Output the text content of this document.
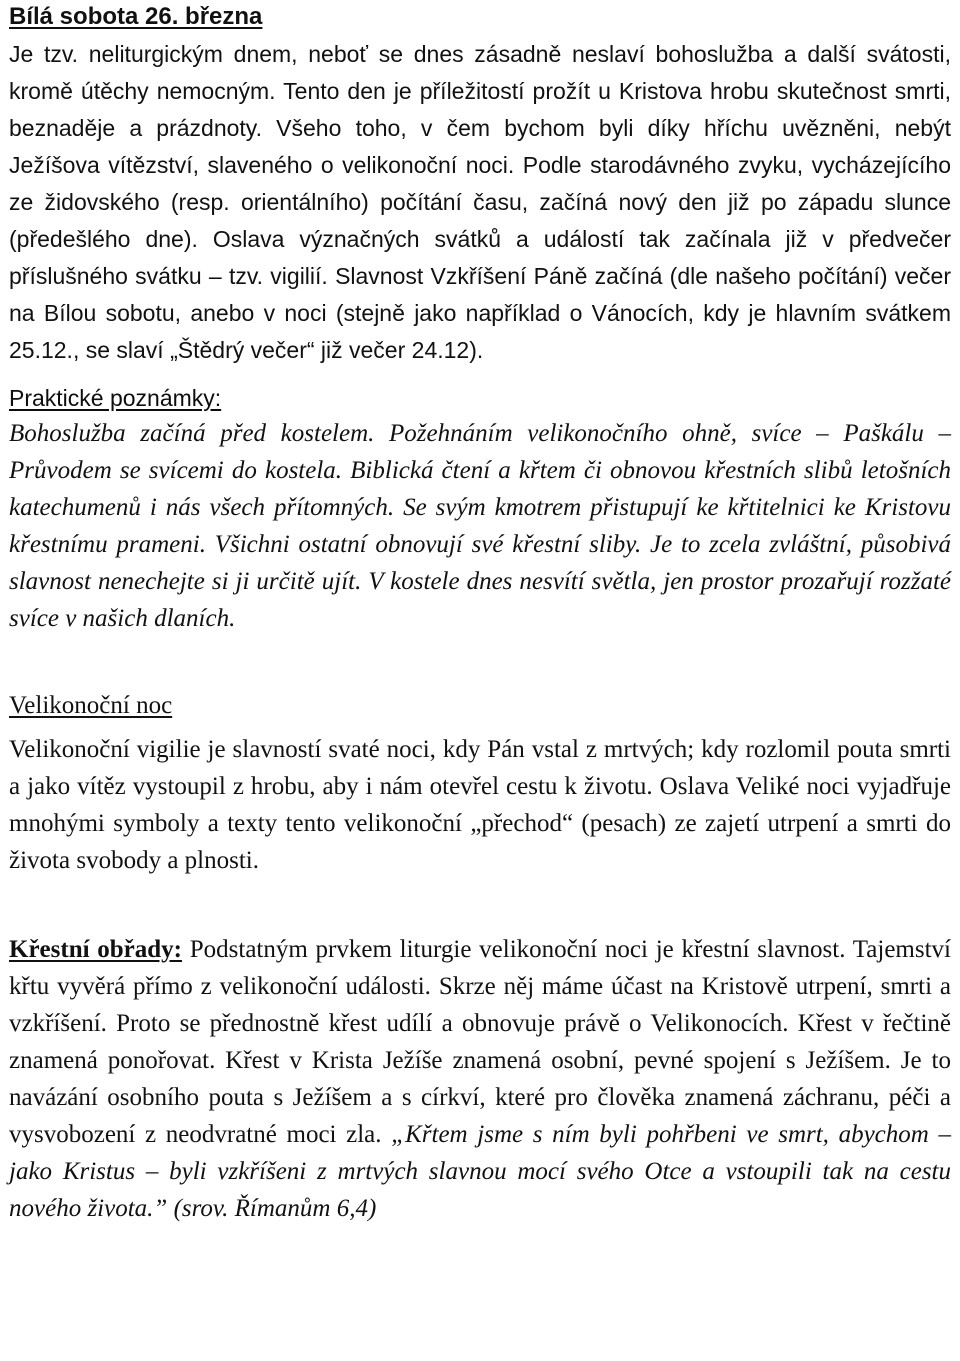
Bílá sobota 26. března

Je tzv. neliturgickým dnem, neboť se dnes zásadně neslaví bohoslužba a další svátosti, kromě útěchy nemocným. Tento den je příležitostí prožít u Kristova hrobu skutečnost smrti, beznaděje a prázdnoty. Všeho toho, v čem bychom byli díky hříchu uvězněni, nebýt Ježíšova vítězství, slaveného o velikonoční noci. Podle starodávného zvyku, vycházejícího ze židovského (resp. orientálního) počítání času, začíná nový den již po západu slunce (předešlého dne). Oslava význačných svátků a událostí tak začínala již v předvečer příslušného svátku – tzv. vigilií. Slavnost Vzkříšení Páně začíná (dle našeho počítání) večer na Bílou sobotu, anebo v noci (stejně jako například o Vánocích, kdy je hlavním svátkem 25.12., se slaví „Štědrý večer“ již večer 24.12).

Praktické poznámky:

Bohoslužba začíná před kostelem. Požehnáním velikonočního ohně, svíce – Paškálu – Průvodem se svícemi do kostela. Biblická čtení a křtem či obnovou křestních slibů letošních katechumenů i nás všech přítomných. Se svým kmotrem přistupují ke křtitelnici ke Kristovu křestnímu prameni. Všichni ostatní obnovují své křestní sliby. Je to zcela zvláštní, působivá slavnost nenechejte si ji určitě ujít. V kostele dnes nesvítí světla, jen prostor prozařují rozžaté svíce v našich dlaních.

Velikonoční noc

Velikonoční vigilie je slavností svaté noci, kdy Pán vstal z mrtvých; kdy rozlomil pouta smrti a jako vítěz vystoupil z hrobu, aby i nám otevřel cestu k životu. Oslava Veliké noci vyjadřuje mnohými symboly a texty tento velikonoční „přechod“ (pesach) ze zajetí utrpení a smrti do života svobody a plnosti.

Křestní obřady: Podstatným prvkem liturgie velikonoční noci je křestní slavnost. Tajemství křtu vyvěrá přímo z velikonoční události. Skrze něj máme účast na Kristově utrpení, smrti a vzkříšení. Proto se přednostně křest udílí a obnovuje právě o Velikonocích. Křest v řečtině znamená ponořovat. Křest v Krista Ježíše znamená osobní, pevné spojení s Ježíšem. Je to navázání osobního pouta s Ježíšem a s církví, které pro člověka znamená záchranu, péči a vysvobození z neodvratné moci zla. „Křtem jsme s ním byli pohřbeni ve smrt, abychom – jako Kristus – byli vzkříšeni z mrtvých slavnou mocí svého Otce a vstoupili tak na cestu nového života.” (srov. Římanům 6,4)
